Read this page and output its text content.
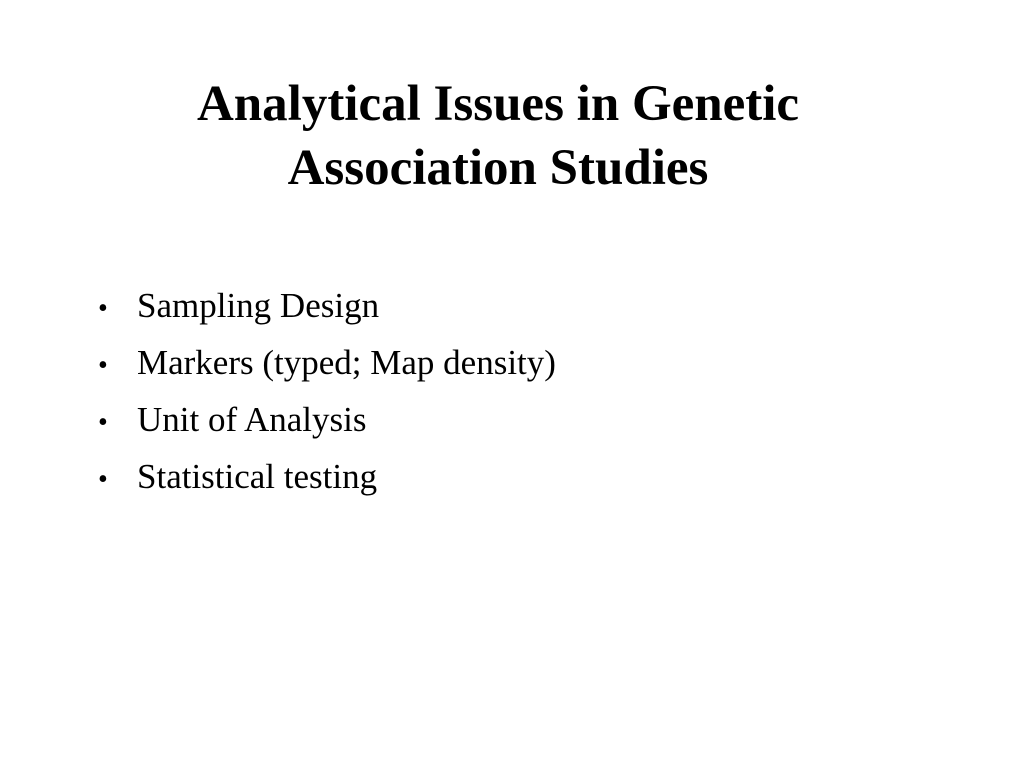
Analytical Issues in Genetic
Association Studies
• Sampling Design
• Markers (typed; Map density)
• Unit of Analysis
• Statistical testing
